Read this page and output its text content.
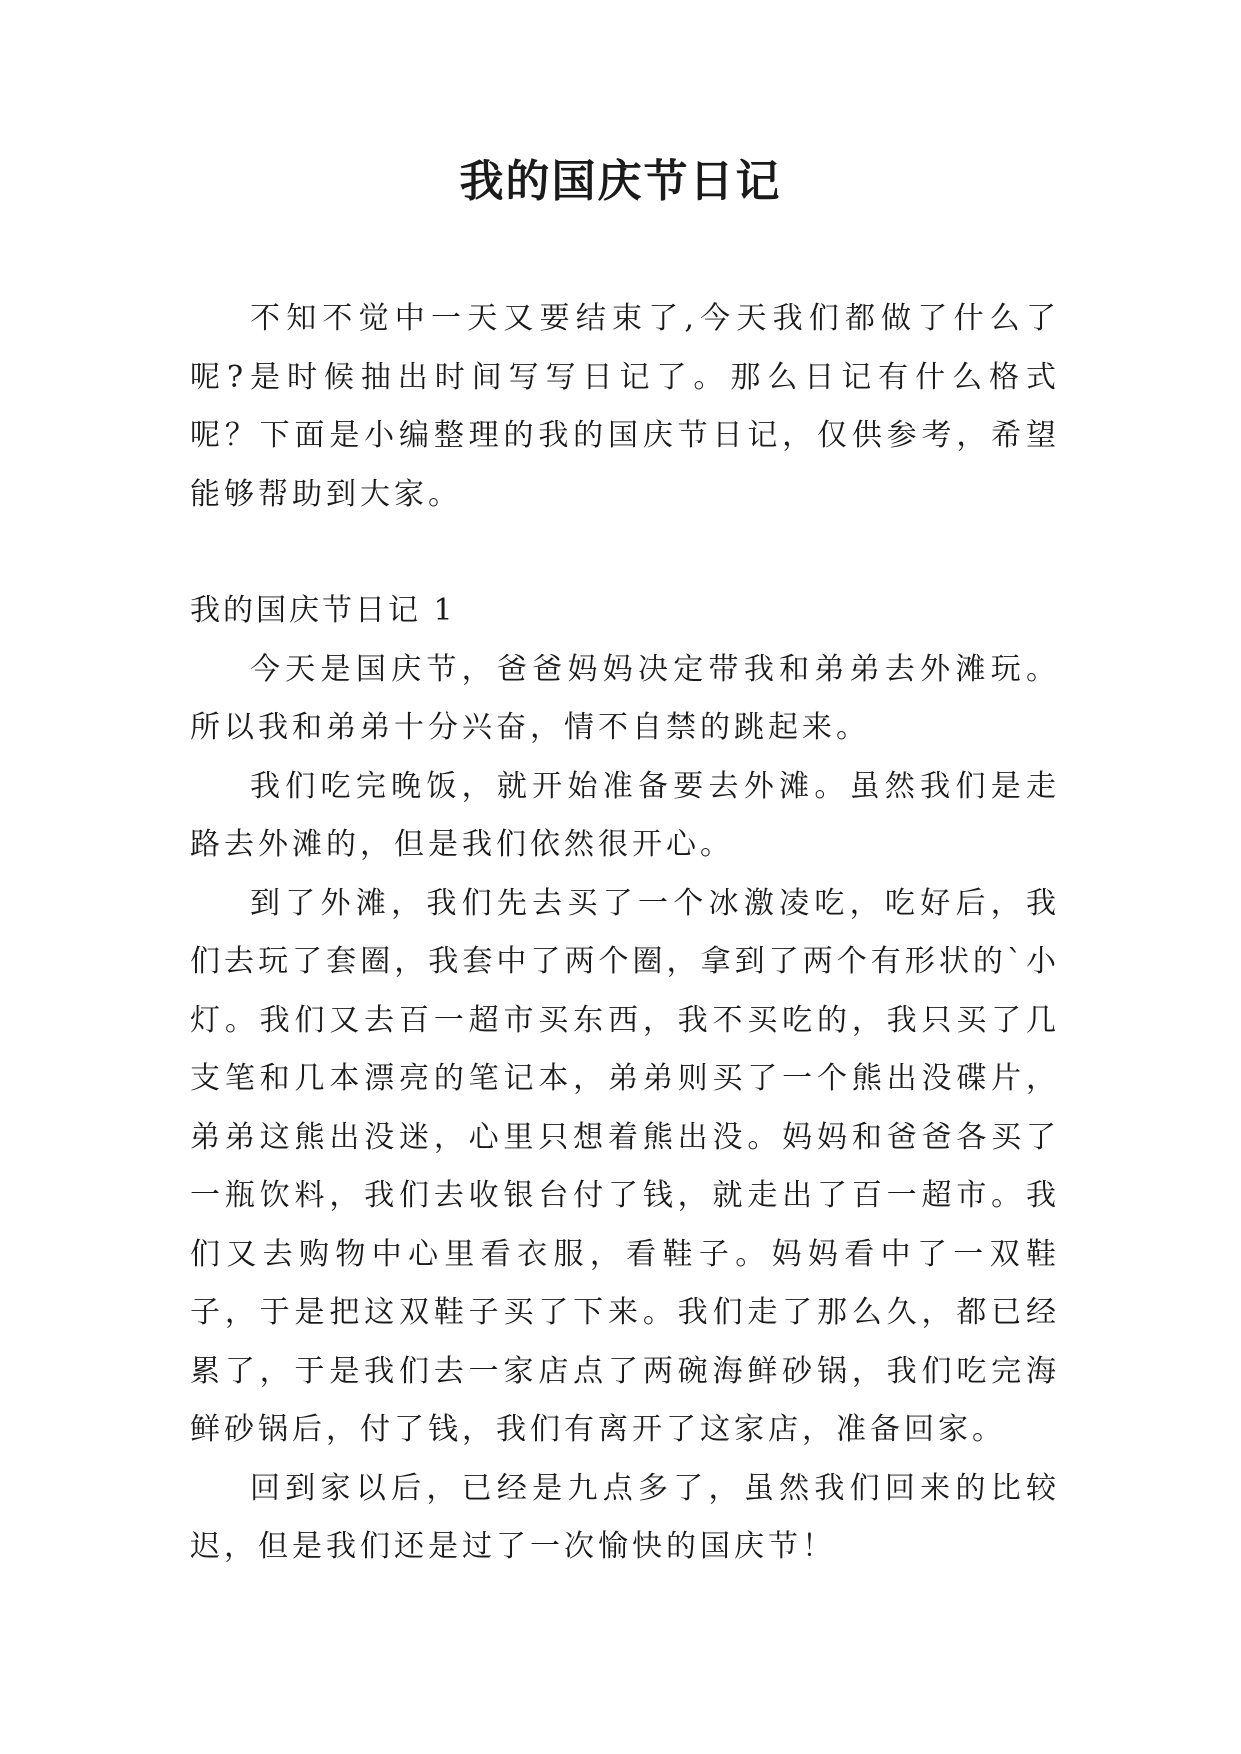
我的国庆节日记

不知不觉中一天又要结束了,今天我们都做了什么了呢?是时候抽出时间写写日记了。那么日记有什么格式呢？下面是小编整理的我的国庆节日记，仅供参考，希望能够帮助到大家。

我的国庆节日记 1

今天是国庆节，爸爸妈妈决定带我和弟弟去外滩玩。所以我和弟弟十分兴奋，情不自禁的跳起来。

我们吃完晚饭，就开始准备要去外滩。虽然我们是走路去外滩的，但是我们依然很开心。

到了外滩，我们先去买了一个冰激凌吃，吃好后，我们去玩了套圈，我套中了两个圈，拿到了两个有形状的`小灯。我们又去百一超市买东西，我不买吃的，我只买了几支笔和几本漂亮的笔记本，弟弟则买了一个熊出没碟片，弟弟这熊出没迷，心里只想着熊出没。妈妈和爸爸各买了一瓶饮料，我们去收银台付了钱，就走出了百一超市。我们又去购物中心里看衣服，看鞋子。妈妈看中了一双鞋子，于是把这双鞋子买了下来。我们走了那么久，都已经累了，于是我们去一家店点了两碗海鲜砂锅，我们吃完海鲜砂锅后，付了钱，我们有离开了这家店，准备回家。

回到家以后，已经是九点多了，虽然我们回来的比较迟，但是我们还是过了一次愉快的国庆节！
